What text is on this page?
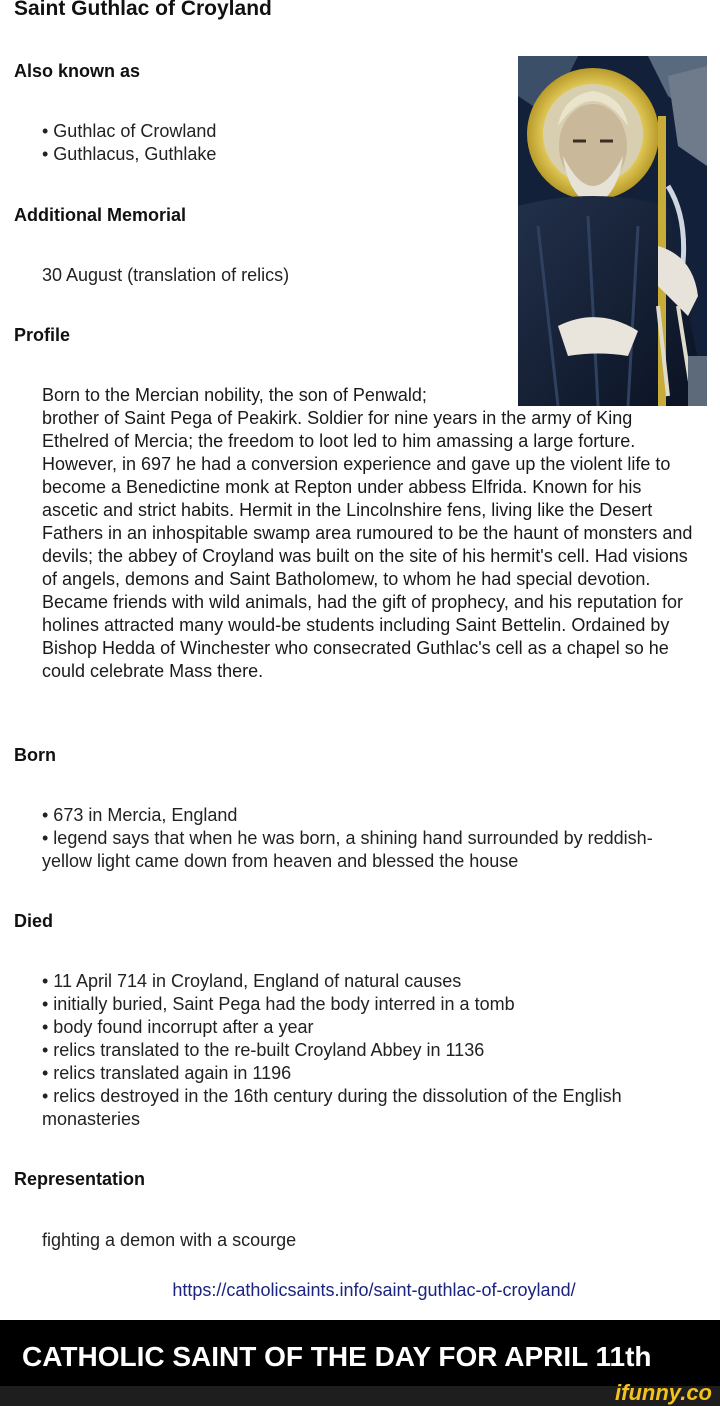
Saint Guthlac of Croyland
Also known as
• Guthlac of Crowland
• Guthlacus, Guthlake
Additional Memorial
30 August (translation of relics)
Profile
Born to the Mercian nobility, the son of Penwald;
brother of Saint Pega of Peakirk. Soldier for nine years in the army of King Ethelred of Mercia; the freedom to loot led to him amassing a large forture. However, in 697 he had a conversion experience and gave up the violent life to become a Benedictine monk at Repton under abbess Elfrida. Known for his ascetic and strict habits. Hermit in the Lincolnshire fens, living like the Desert Fathers in an inhospitable swamp area rumoured to be the haunt of monsters and devils; the abbey of Croyland was built on the site of his hermit's cell. Had visions of angels, demons and Saint Batholomew, to whom he had special devotion. Became friends with wild animals, had the gift of prophecy, and his reputation for holines attracted many would-be students including Saint Bettelin. Ordained by Bishop Hedda of Winchester who consecrated Guthlac's cell as a chapel so he could celebrate Mass there.
Born
• 673 in Mercia, England
• legend says that when he was born, a shining hand surrounded by reddish-
yellow light came down from heaven and blessed the house
Died
• 11 April 714 in Croyland, England of natural causes
• initially buried, Saint Pega had the body interred in a tomb
• body found incorrupt after a year
• relics translated to the re-built Croyland Abbey in 1136
• relics translated again in 1196
• relics destroyed in the 16th century during the dissolution of the English
monasteries
Representation
fighting a demon with a scourge
https://catholicsaints.info/saint-guthlac-of-croyland/
CATHOLIC SAINT OF THE DAY FOR APRIL 11th
ifunny.co
